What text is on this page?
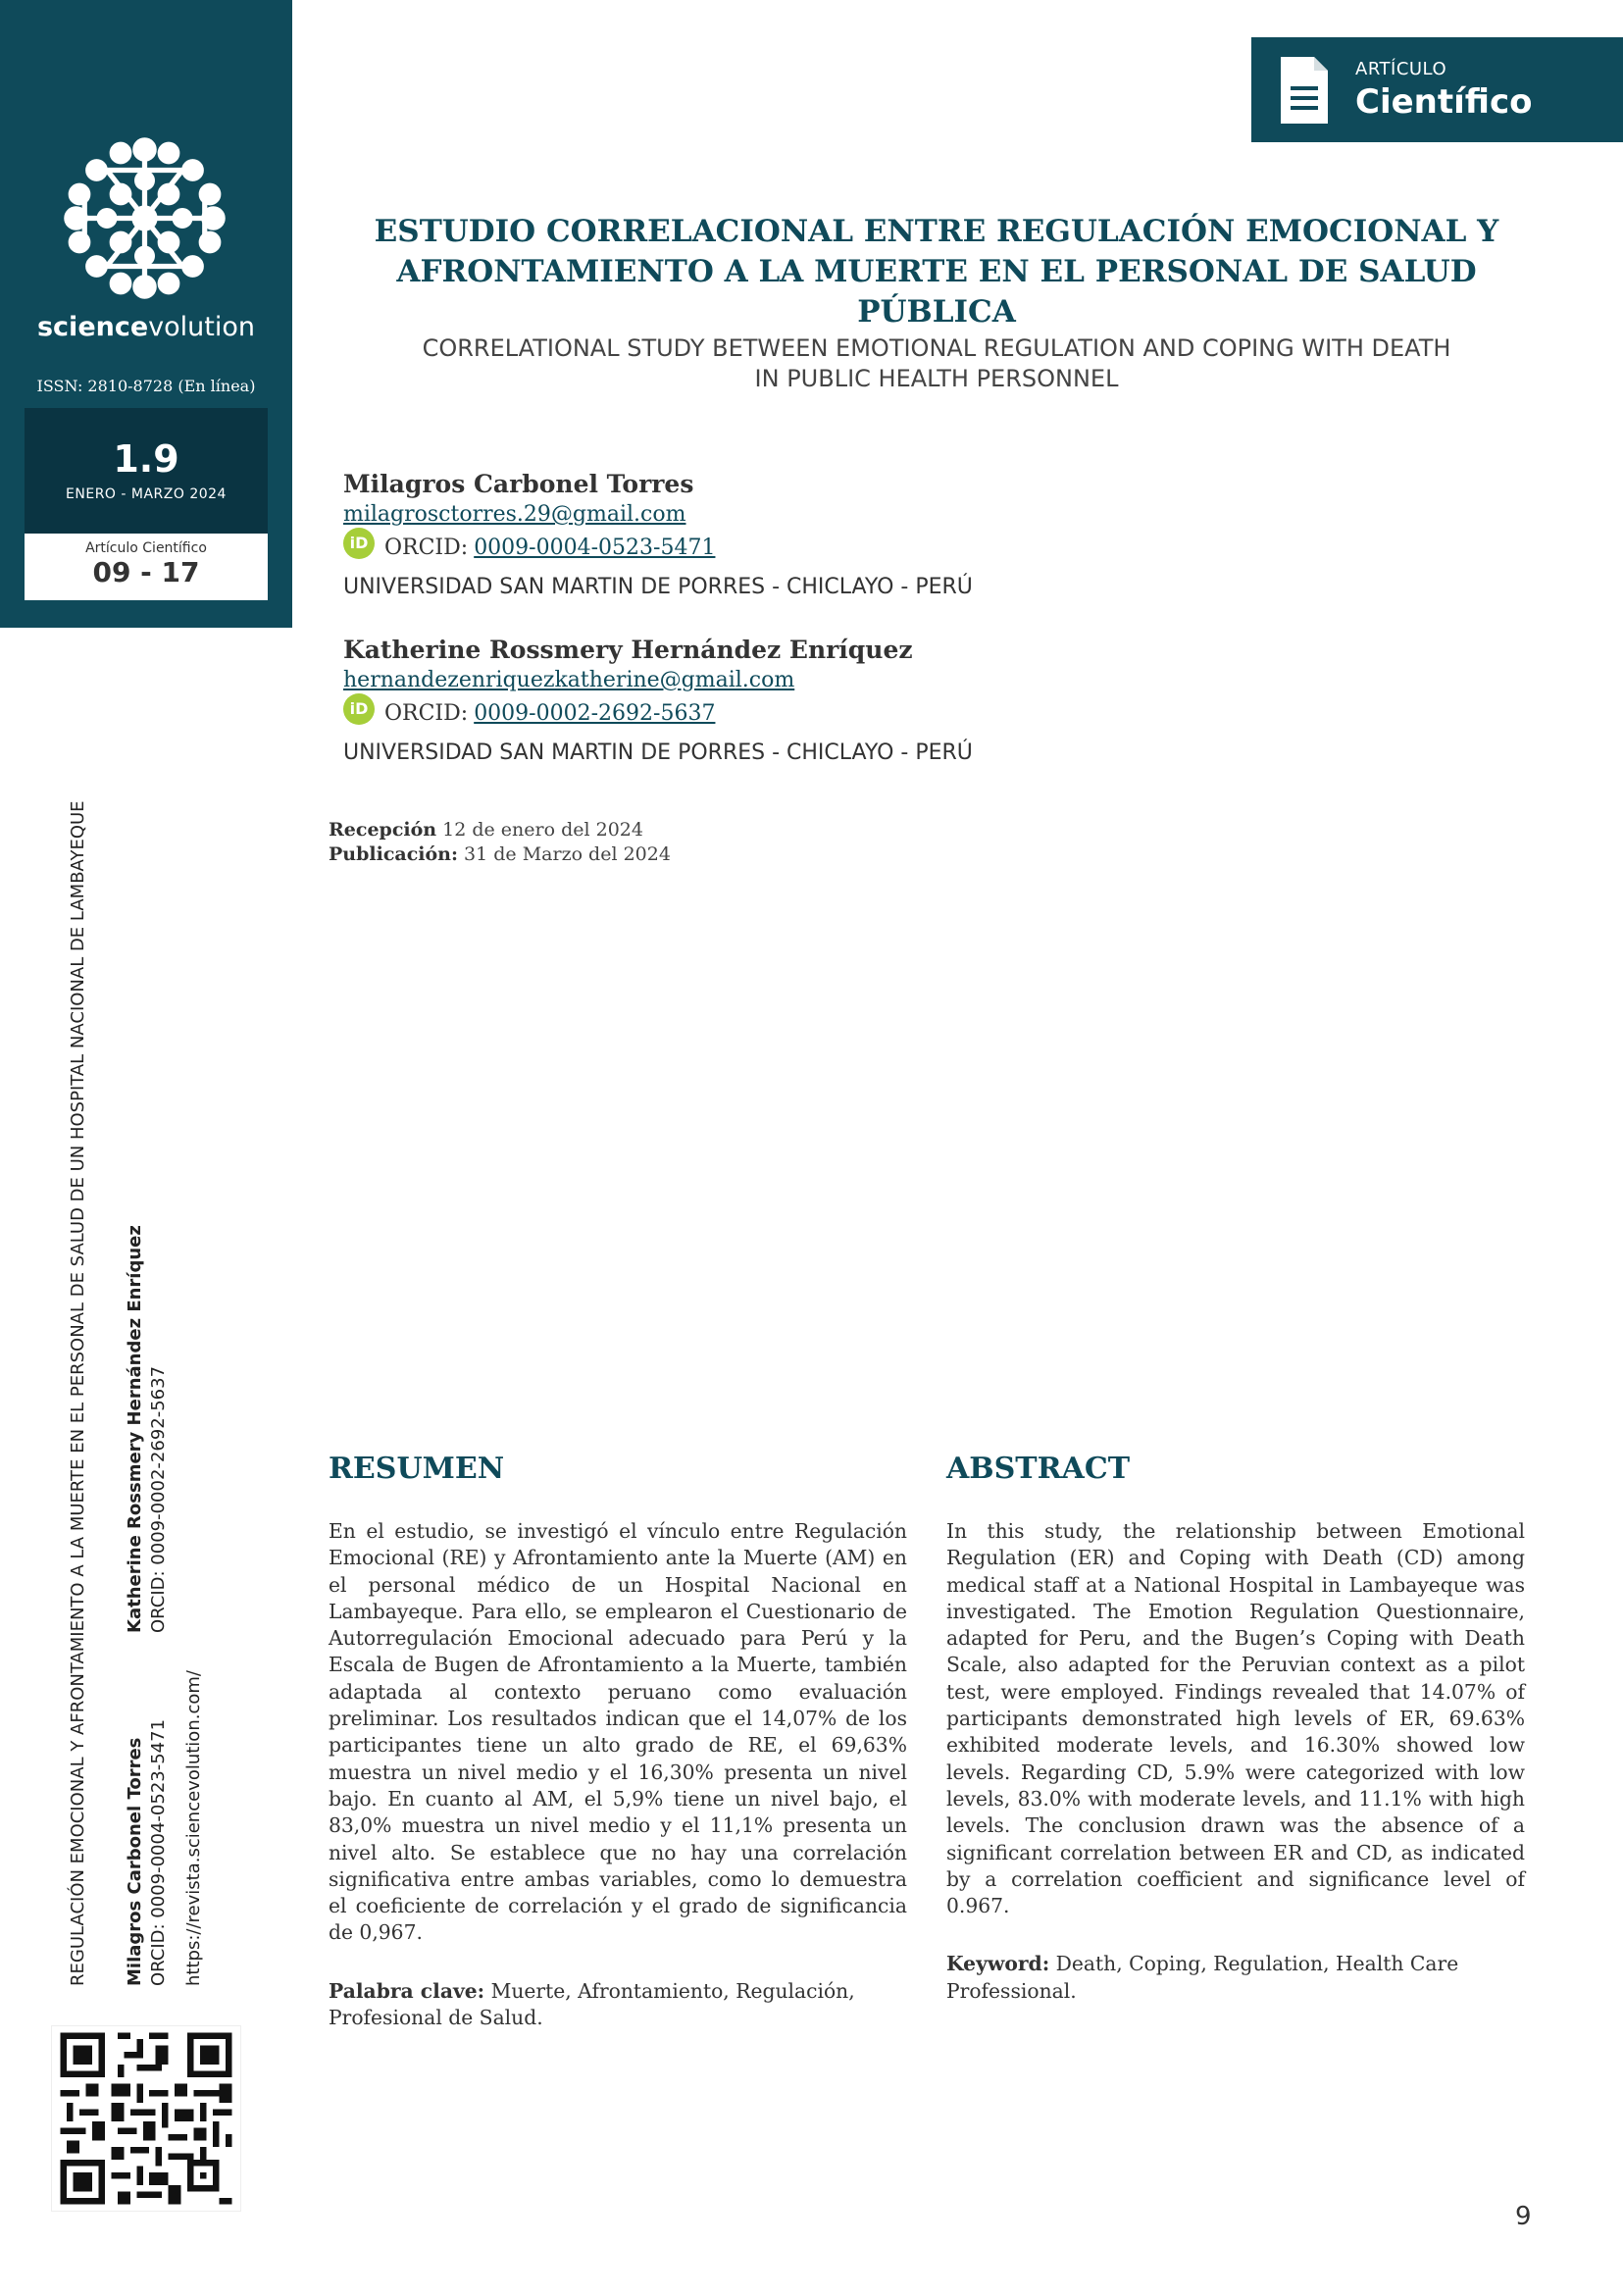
sciencevolution
ISSN: 2810-8728 (En línea)
1.9
ENERO - MARZO 2024
Artículo Científico
09 - 17
REGULACIÓN EMOCIONAL Y AFRONTAMIENTO A LA MUERTE EN EL PERSONAL DE SALUD DE UN HOSPITAL NACIONAL DE LAMBAYEQUE Milagros Carbonel Torres ORCID: 0009-0004-0523-5471
Katherine Rossmery Hernández Enríquez ORCID: 0009-0002-2692-5637
https://revista.sciencevolution.com/
ARTÍCULO
Científico
ESTUDIO CORRELACIONAL ENTRE REGULACIÓN EMOCIONAL Y AFRONTAMIENTO A LA MUERTE EN EL PERSONAL DE SALUD PÚBLICA
CORRELATIONAL STUDY BETWEEN EMOTIONAL REGULATION AND COPING WITH DEATH IN PUBLIC HEALTH PERSONNEL
Milagros Carbonel Torres
milagrosctorres.29@gmail.com
iD ORCID: 0009-0004-0523-5471
UNIVERSIDAD SAN MARTIN DE PORRES - CHICLAYO - PERÚ
Katherine Rossmery Hernández Enríquez
hernandezenriquezkatherine@gmail.com
iD ORCID: 0009-0002-2692-5637
UNIVERSIDAD SAN MARTIN DE PORRES - CHICLAYO - PERÚ
Recepción 12 de enero del 2024
Publicación: 31 de Marzo del 2024
RESUMEN

En el estudio, se investigó el vínculo entre Regulación Emocional (RE) y Afrontamiento ante la Muerte (AM) en el personal médico de un Hospital Nacional en Lambayeque. Para ello, se emplearon el Cuestionario de Autorregulación Emocional adecuado para Perú y la Escala de Bugen de Afrontamiento a la Muerte, también adaptada al contexto peruano como evaluación preliminar. Los resultados indican que el 14,07% de los participantes tiene un alto grado de RE, el 69,63% muestra un nivel medio y el 16,30% presenta un nivel bajo. En cuanto al AM, el 5,9% tiene un nivel bajo, el 83,0% muestra un nivel medio y el 11,1% presenta un nivel alto. Se establece que no hay una correlación significativa entre ambas variables, como lo demuestra el coeficiente de correlación y el grado de significancia de 0,967.

Palabra clave: Muerte, Afrontamiento, Regulación, Profesional de Salud.

ABSTRACT

In this study, the relationship between Emotional Regulation (ER) and Coping with Death (CD) among medical staff at a National Hospital in Lambayeque was investigated. The Emotion Regulation Questionnaire, adapted for Peru, and the Bugen’s Coping with Death Scale, also adapted for the Peruvian context as a pilot test, were employed. Findings revealed that 14.07% of participants demonstrated high levels of ER, 69.63% exhibited moderate levels, and 16.30% showed low levels. Regarding CD, 5.9% were categorized with low levels, 83.0% with moderate levels, and 11.1% with high levels. The conclusion drawn was the absence of a significant correlation between ER and CD, as indicated by a correlation coefficient and significance level of 0.967.

Keyword: Death, Coping, Regulation, Health Care Professional.

9
